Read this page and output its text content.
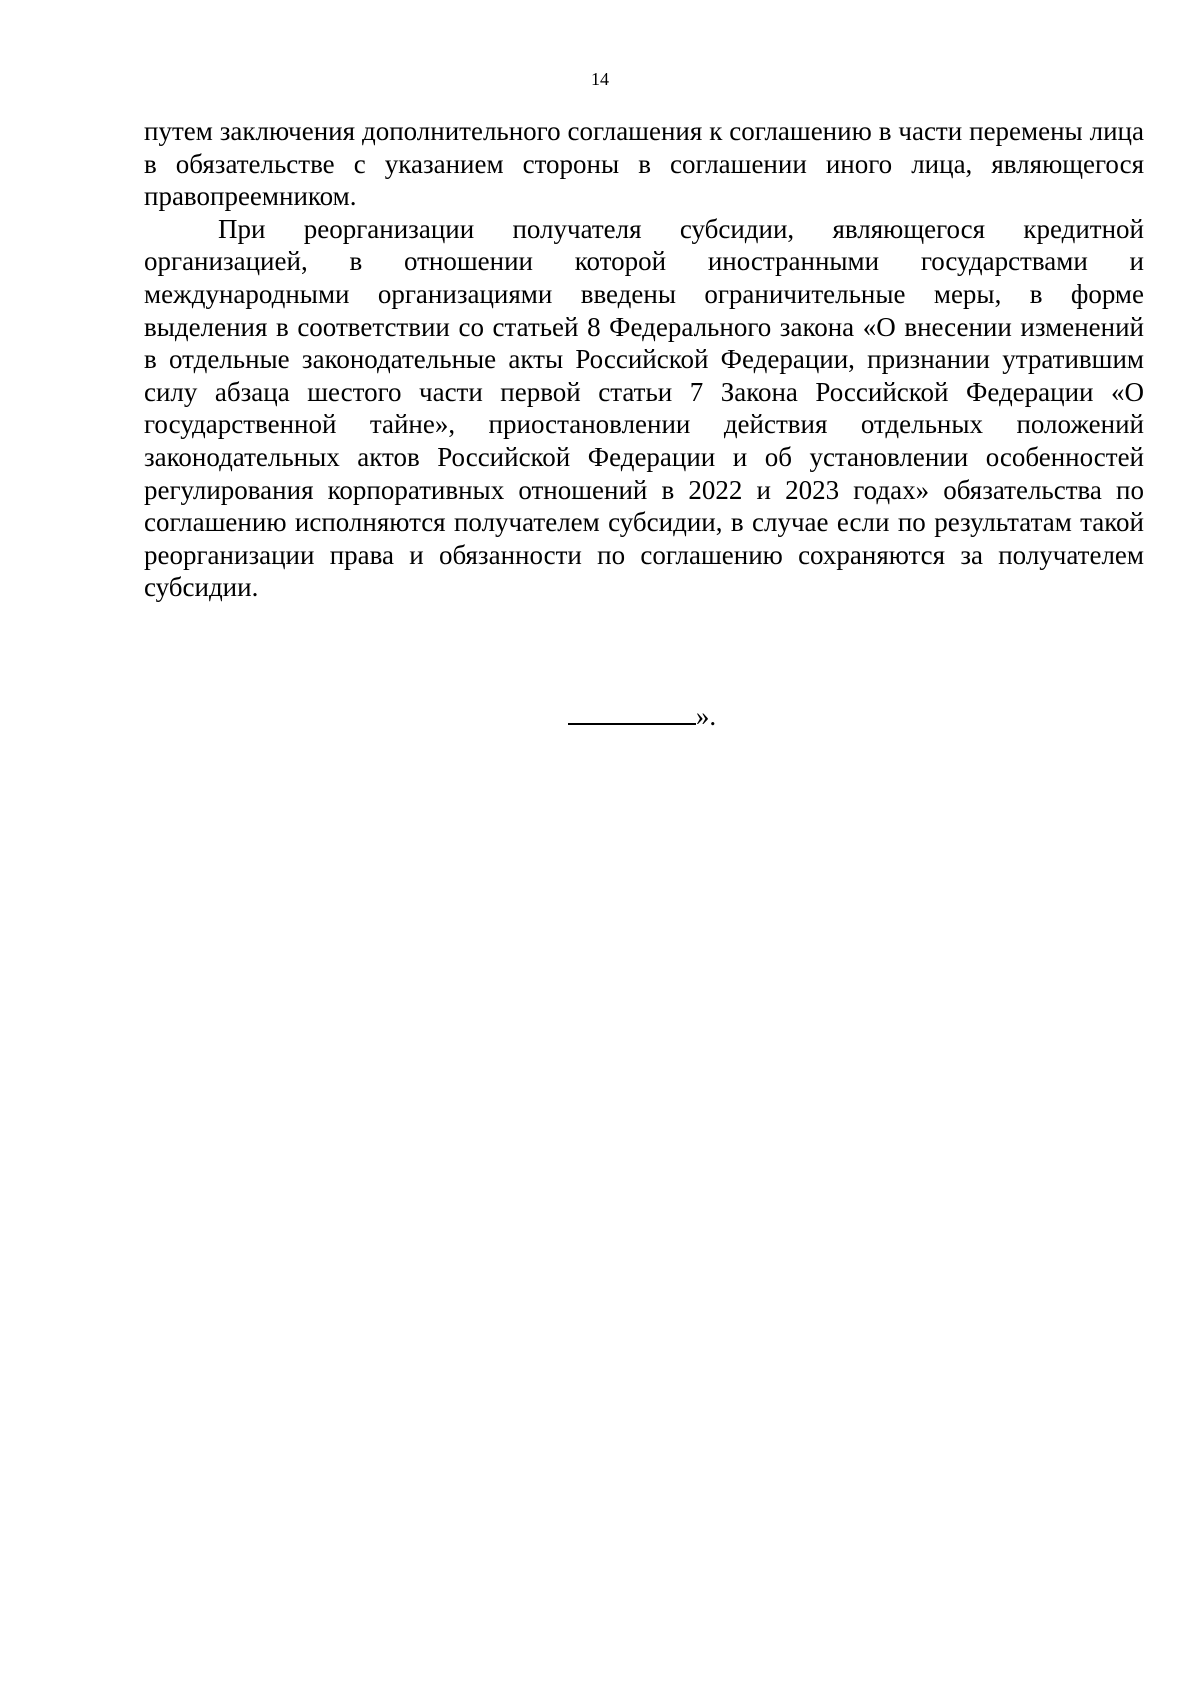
14

путем заключения дополнительного соглашения к соглашению в части перемены лица в обязательстве с указанием стороны в соглашении иного лица, являющегося правопреемником.

При реорганизации получателя субсидии, являющегося кредитной организацией, в отношении которой иностранными государствами и международными организациями введены ограничительные меры, в форме выделения в соответствии со статьей 8 Федерального закона «О внесении изменений в отдельные законодательные акты Российской Федерации, признании утратившим силу абзаца шестого части первой статьи 7 Закона Российской Федерации «О государственной тайне», приостановлении действия отдельных положений законодательных актов Российской Федерации и об установлении особенностей регулирования корпоративных отношений в 2022 и 2023 годах» обязательства по соглашению исполняются получателем субсидии, в случае если по результатам такой реорганизации права и обязанности по соглашению сохраняются за получателем субсидии.

».
